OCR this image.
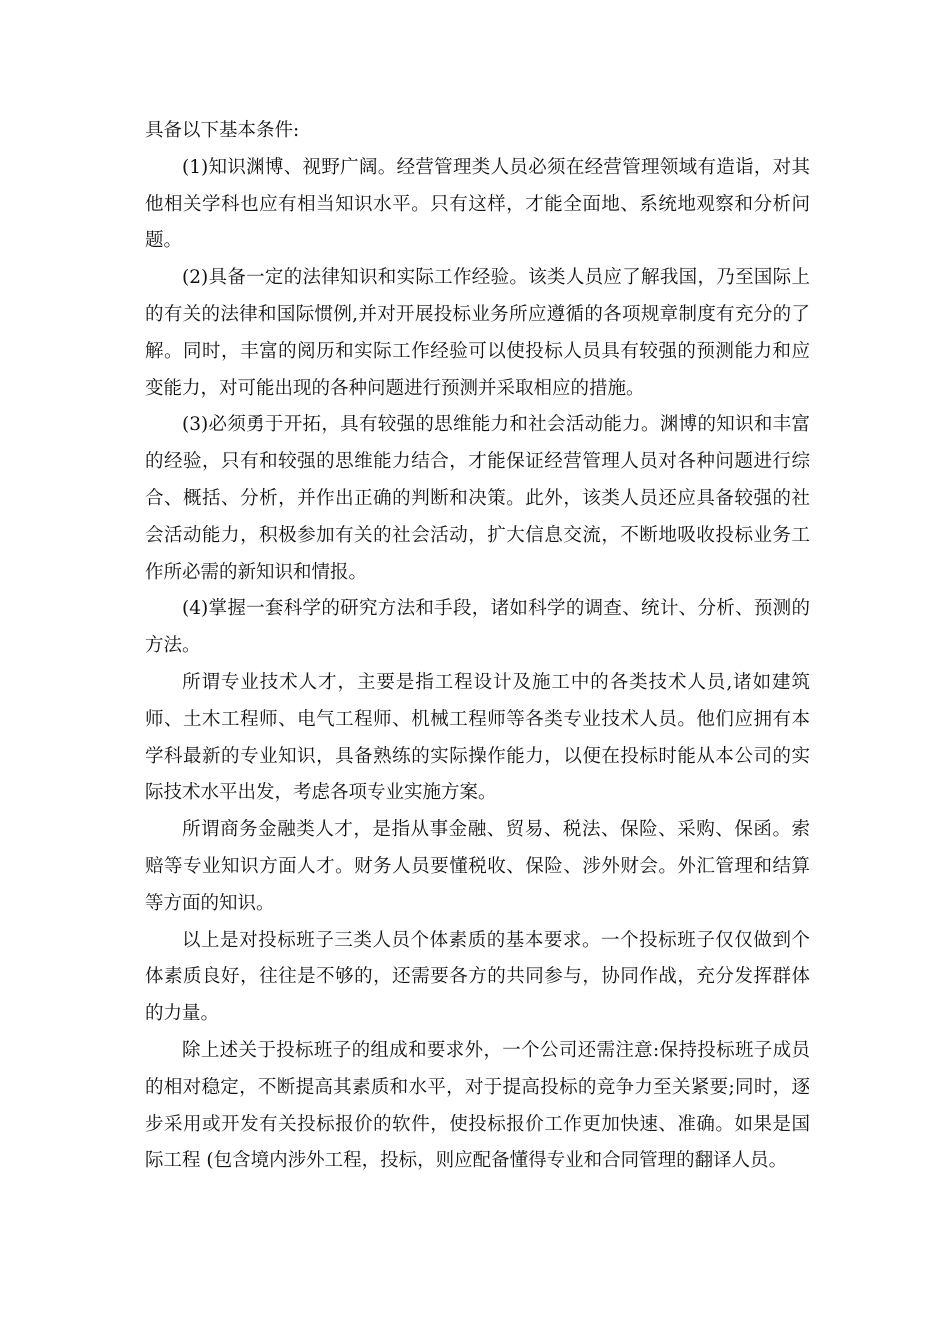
具备以下基本条件:

(1)知识渊博、视野广阔。经营管理类人员必须在经营管理领域有造诣，对其他相关学科也应有相当知识水平。只有这样，才能全面地、系统地观察和分析问题。

(2)具备一定的法律知识和实际工作经验。该类人员应了解我国，乃至国际上的有关的法律和国际惯例,并对开展投标业务所应遵循的各项规章制度有充分的了解。同时，丰富的阅历和实际工作经验可以使投标人员具有较强的预测能力和应变能力，对可能出现的各种问题进行预测并采取相应的措施。

(3)必须勇于开拓，具有较强的思维能力和社会活动能力。渊博的知识和丰富的经验，只有和较强的思维能力结合，才能保证经营管理人员对各种问题进行综合、概括、分析，并作出正确的判断和决策。此外，该类人员还应具备较强的社会活动能力，积极参加有关的社会活动，扩大信息交流，不断地吸收投标业务工作所必需的新知识和情报。

(4)掌握一套科学的研究方法和手段，诸如科学的调查、统计、分析、预测的方法。

所谓专业技术人才，主要是指工程设计及施工中的各类技术人员,诸如建筑师、土木工程师、电气工程师、机械工程师等各类专业技术人员。他们应拥有本学科最新的专业知识，具备熟练的实际操作能力，以便在投标时能从本公司的实际技术水平出发，考虑各项专业实施方案。

所谓商务金融类人才，是指从事金融、贸易、税法、保险、采购、保函。索赔等专业知识方面人才。财务人员要懂税收、保险、涉外财会。外汇管理和结算等方面的知识。

以上是对投标班子三类人员个体素质的基本要求。一个投标班子仅仅做到个体素质良好，往往是不够的，还需要各方的共同参与，协同作战，充分发挥群体的力量。

除上述关于投标班子的组成和要求外，一个公司还需注意:保持投标班子成员的相对稳定，不断提高其素质和水平，对于提高投标的竞争力至关紧要;同时，逐步采用或开发有关投标报价的软件，使投标报价工作更加快速、准确。如果是国际工程 (包含境内涉外工程，投标，则应配备懂得专业和合同管理的翻译人员。
